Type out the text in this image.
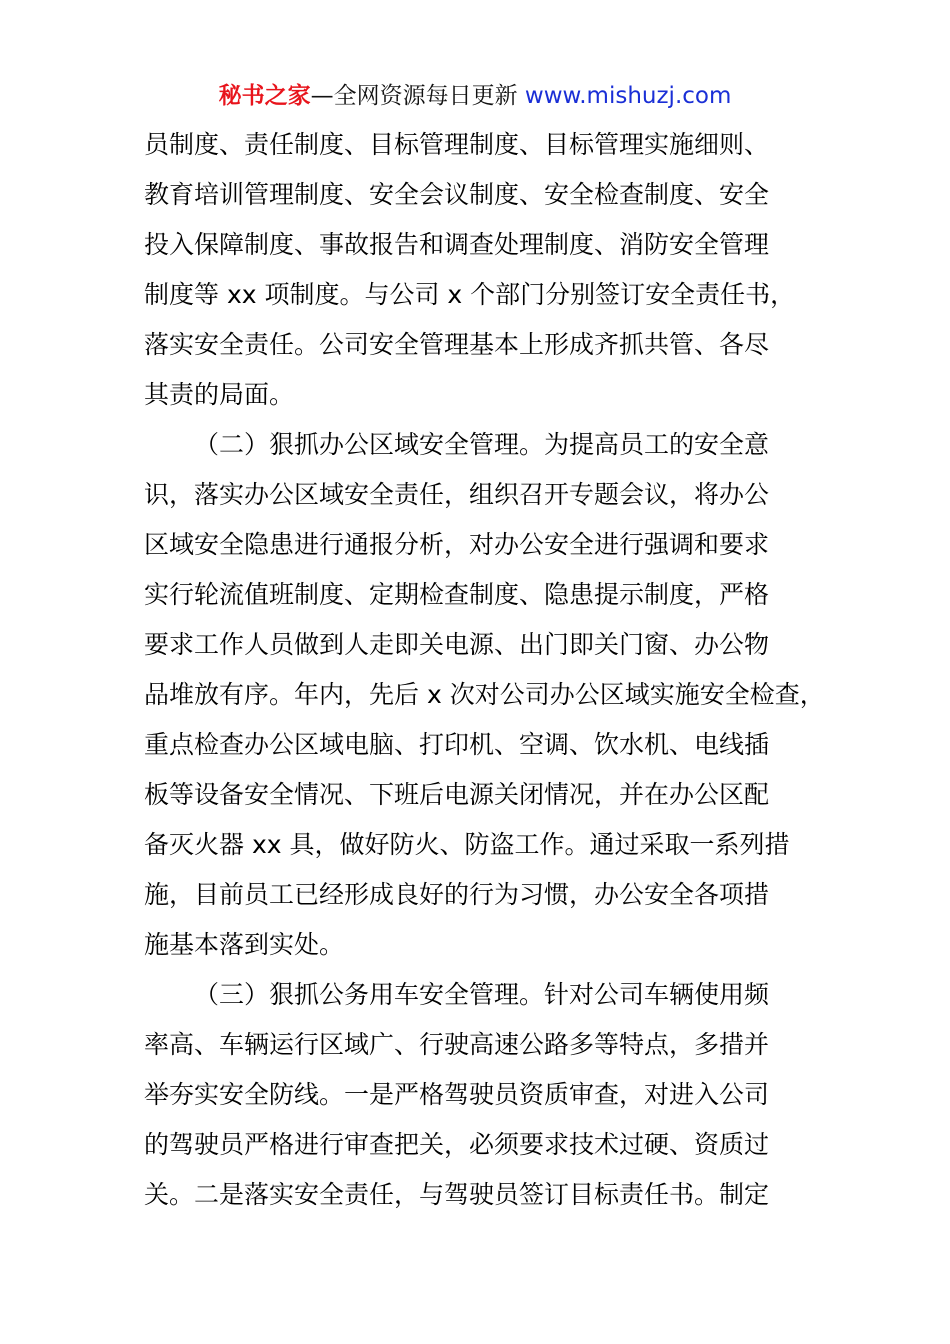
秘书之家—全网资源每日更新 www.mishuzj.com
员制度、责任制度、目标管理制度、目标管理实施细则、
教育培训管理制度、安全会议制度、安全检查制度、安全
投入保障制度、事故报告和调查处理制度、消防安全管理
制度等 xx 项制度。与公司 x 个部门分别签订安全责任书，
落实安全责任。公司安全管理基本上形成齐抓共管、各尽
其责的局面。
（二）狠抓办公区域安全管理。为提高员工的安全意
识，落实办公区域安全责任，组织召开专题会议，将办公
区域安全隐患进行通报分析，对办公安全进行强调和要求
实行轮流值班制度、定期检查制度、隐患提示制度，严格
要求工作人员做到人走即关电源、出门即关门窗、办公物
品堆放有序。年内，先后 x 次对公司办公区域实施安全检查，
重点检查办公区域电脑、打印机、空调、饮水机、电线插
板等设备安全情况、下班后电源关闭情况，并在办公区配
备灭火器 xx 具，做好防火、防盗工作。通过采取一系列措
施，目前员工已经形成良好的行为习惯，办公安全各项措
施基本落到实处。
（三）狠抓公务用车安全管理。针对公司车辆使用频
率高、车辆运行区域广、行驶高速公路多等特点，多措并
举夯实安全防线。一是严格驾驶员资质审查，对进入公司
的驾驶员严格进行审查把关，必须要求技术过硬、资质过
关。二是落实安全责任，与驾驶员签订目标责任书。制定
